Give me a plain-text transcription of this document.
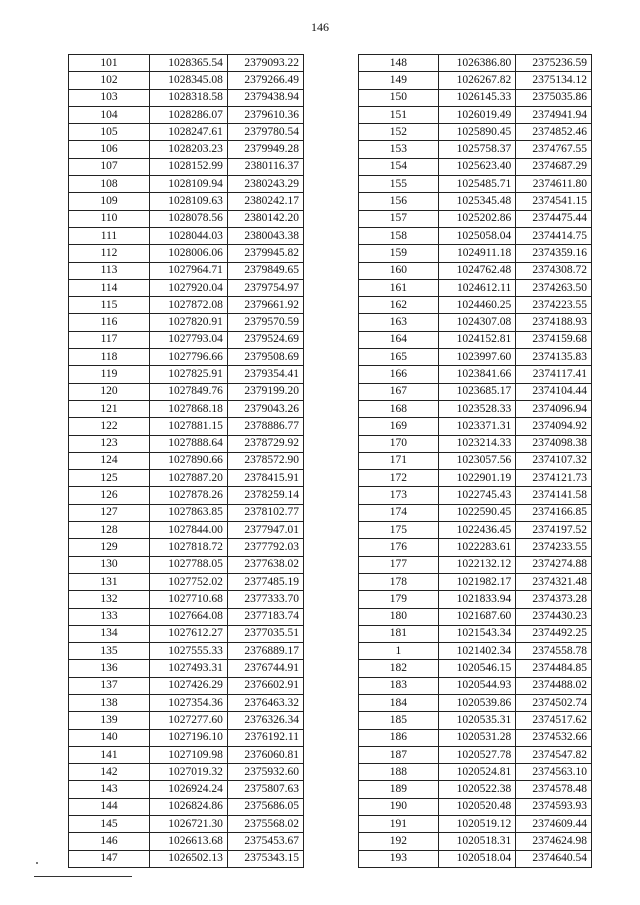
146
101	1028365.54	2379093.22
102	1028345.08	2379266.49
103	1028318.58	2379438.94
104	1028286.07	2379610.36
105	1028247.61	2379780.54
106	1028203.23	2379949.28
107	1028152.99	2380116.37
108	1028109.94	2380243.29
109	1028109.63	2380242.17
110	1028078.56	2380142.20
111	1028044.03	2380043.38
112	1028006.06	2379945.82
113	1027964.71	2379849.65
114	1027920.04	2379754.97
115	1027872.08	2379661.92
116	1027820.91	2379570.59
117	1027793.04	2379524.69
118	1027796.66	2379508.69
119	1027825.91	2379354.41
120	1027849.76	2379199.20
121	1027868.18	2379043.26
122	1027881.15	2378886.77
123	1027888.64	2378729.92
124	1027890.66	2378572.90
125	1027887.20	2378415.91
126	1027878.26	2378259.14
127	1027863.85	2378102.77
128	1027844.00	2377947.01
129	1027818.72	2377792.03
130	1027788.05	2377638.02
131	1027752.02	2377485.19
132	1027710.68	2377333.70
133	1027664.08	2377183.74
134	1027612.27	2377035.51
135	1027555.33	2376889.17
136	1027493.31	2376744.91
137	1027426.29	2376602.91
138	1027354.36	2376463.32
139	1027277.60	2376326.34
140	1027196.10	2376192.11
141	1027109.98	2376060.81
142	1027019.32	2375932.60
143	1026924.24	2375807.63
144	1026824.86	2375686.05
145	1026721.30	2375568.02
146	1026613.68	2375453.67
147	1026502.13	2375343.15
148	1026386.80	2375236.59
149	1026267.82	2375134.12
150	1026145.33	2375035.86
151	1026019.49	2374941.94
152	1025890.45	2374852.46
153	1025758.37	2374767.55
154	1025623.40	2374687.29
155	1025485.71	2374611.80
156	1025345.48	2374541.15
157	1025202.86	2374475.44
158	1025058.04	2374414.75
159	1024911.18	2374359.16
160	1024762.48	2374308.72
161	1024612.11	2374263.50
162	1024460.25	2374223.55
163	1024307.08	2374188.93
164	1024152.81	2374159.68
165	1023997.60	2374135.83
166	1023841.66	2374117.41
167	1023685.17	2374104.44
168	1023528.33	2374096.94
169	1023371.31	2374094.92
170	1023214.33	2374098.38
171	1023057.56	2374107.32
172	1022901.19	2374121.73
173	1022745.43	2374141.58
174	1022590.45	2374166.85
175	1022436.45	2374197.52
176	1022283.61	2374233.55
177	1022132.12	2374274.88
178	1021982.17	2374321.48
179	1021833.94	2374373.28
180	1021687.60	2374430.23
181	1021543.34	2374492.25
1	1021402.34	2374558.78
182	1020546.15	2374484.85
183	1020544.93	2374488.02
184	1020539.86	2374502.74
185	1020535.31	2374517.62
186	1020531.28	2374532.66
187	1020527.78	2374547.82
188	1020524.81	2374563.10
189	1020522.38	2374578.48
190	1020520.48	2374593.93
191	1020519.12	2374609.44
192	1020518.31	2374624.98
193	1020518.04	2374640.54
